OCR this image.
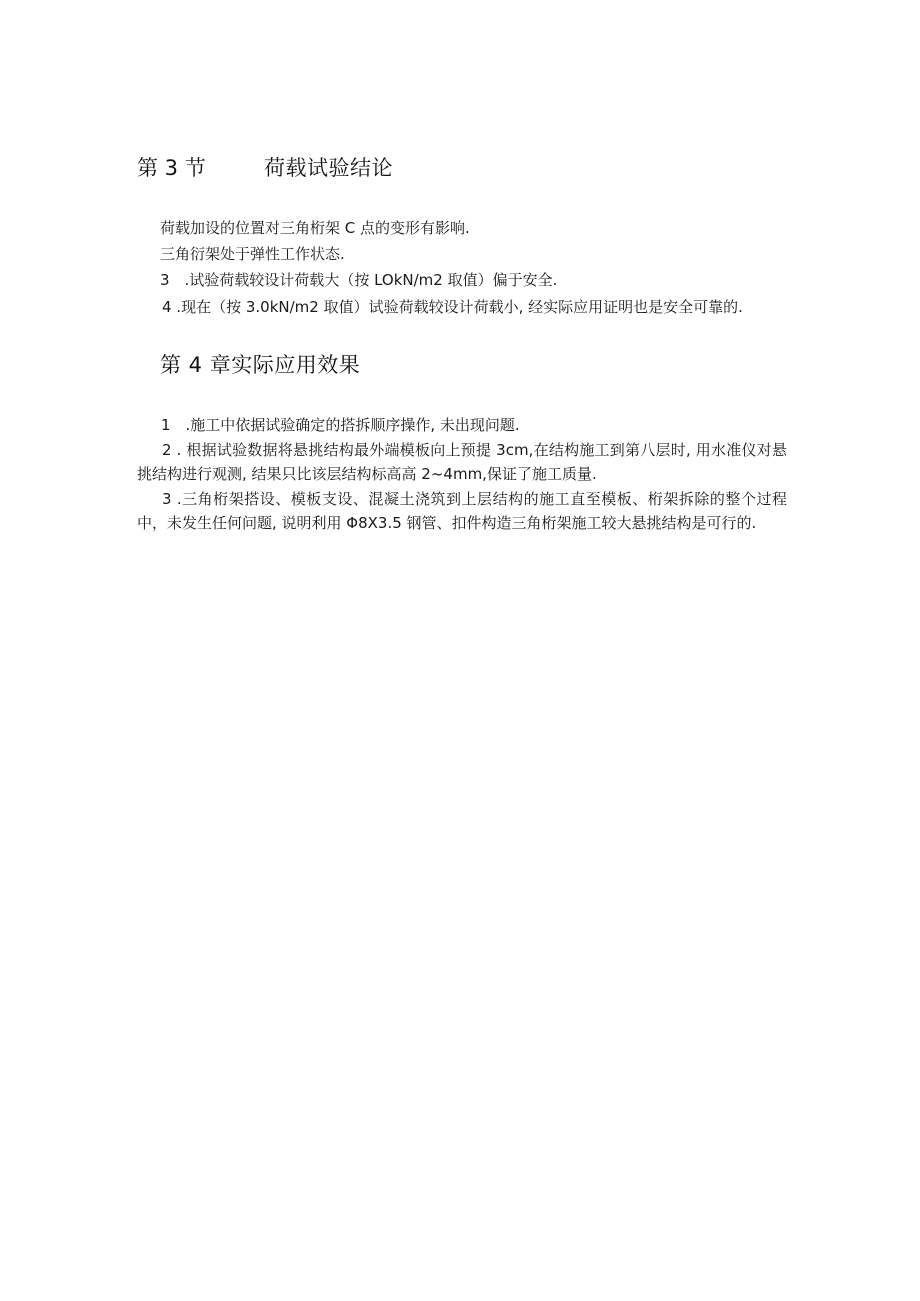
第 3 节	荷载试验结论
荷载加设的位置对三角桁架 C 点的变形有影响.
三角衍架处于弹性工作状态.
3　.试验荷载较设计荷载大（按 LOkN/m2 取值）偏于安全.
4 .现在（按 3.0kN∕m2 取值）试验荷载较设计荷载小, 经实际应用证明也是安全可靠的.
第 4 章实际应用效果
1　.施工中依据试验确定的搭拆顺序操作, 未出现问题.
2 . 根据试验数据将悬挑结构最外端模板向上预提 3cm,在结构施工到第八层时, 用水准仪对悬挑结构进行观测, 结果只比该层结构标高高 2~4mm,保证了施工质量.
3 .三角桁架搭设、模板支设、混凝土浇筑到上层结构的施工直至模板、桁架拆除的整个过程中，未发生任何问题, 说明利用 Φ8X3.5 钢管、扣件构造三角桁架施工较大悬挑结构是可行的.
